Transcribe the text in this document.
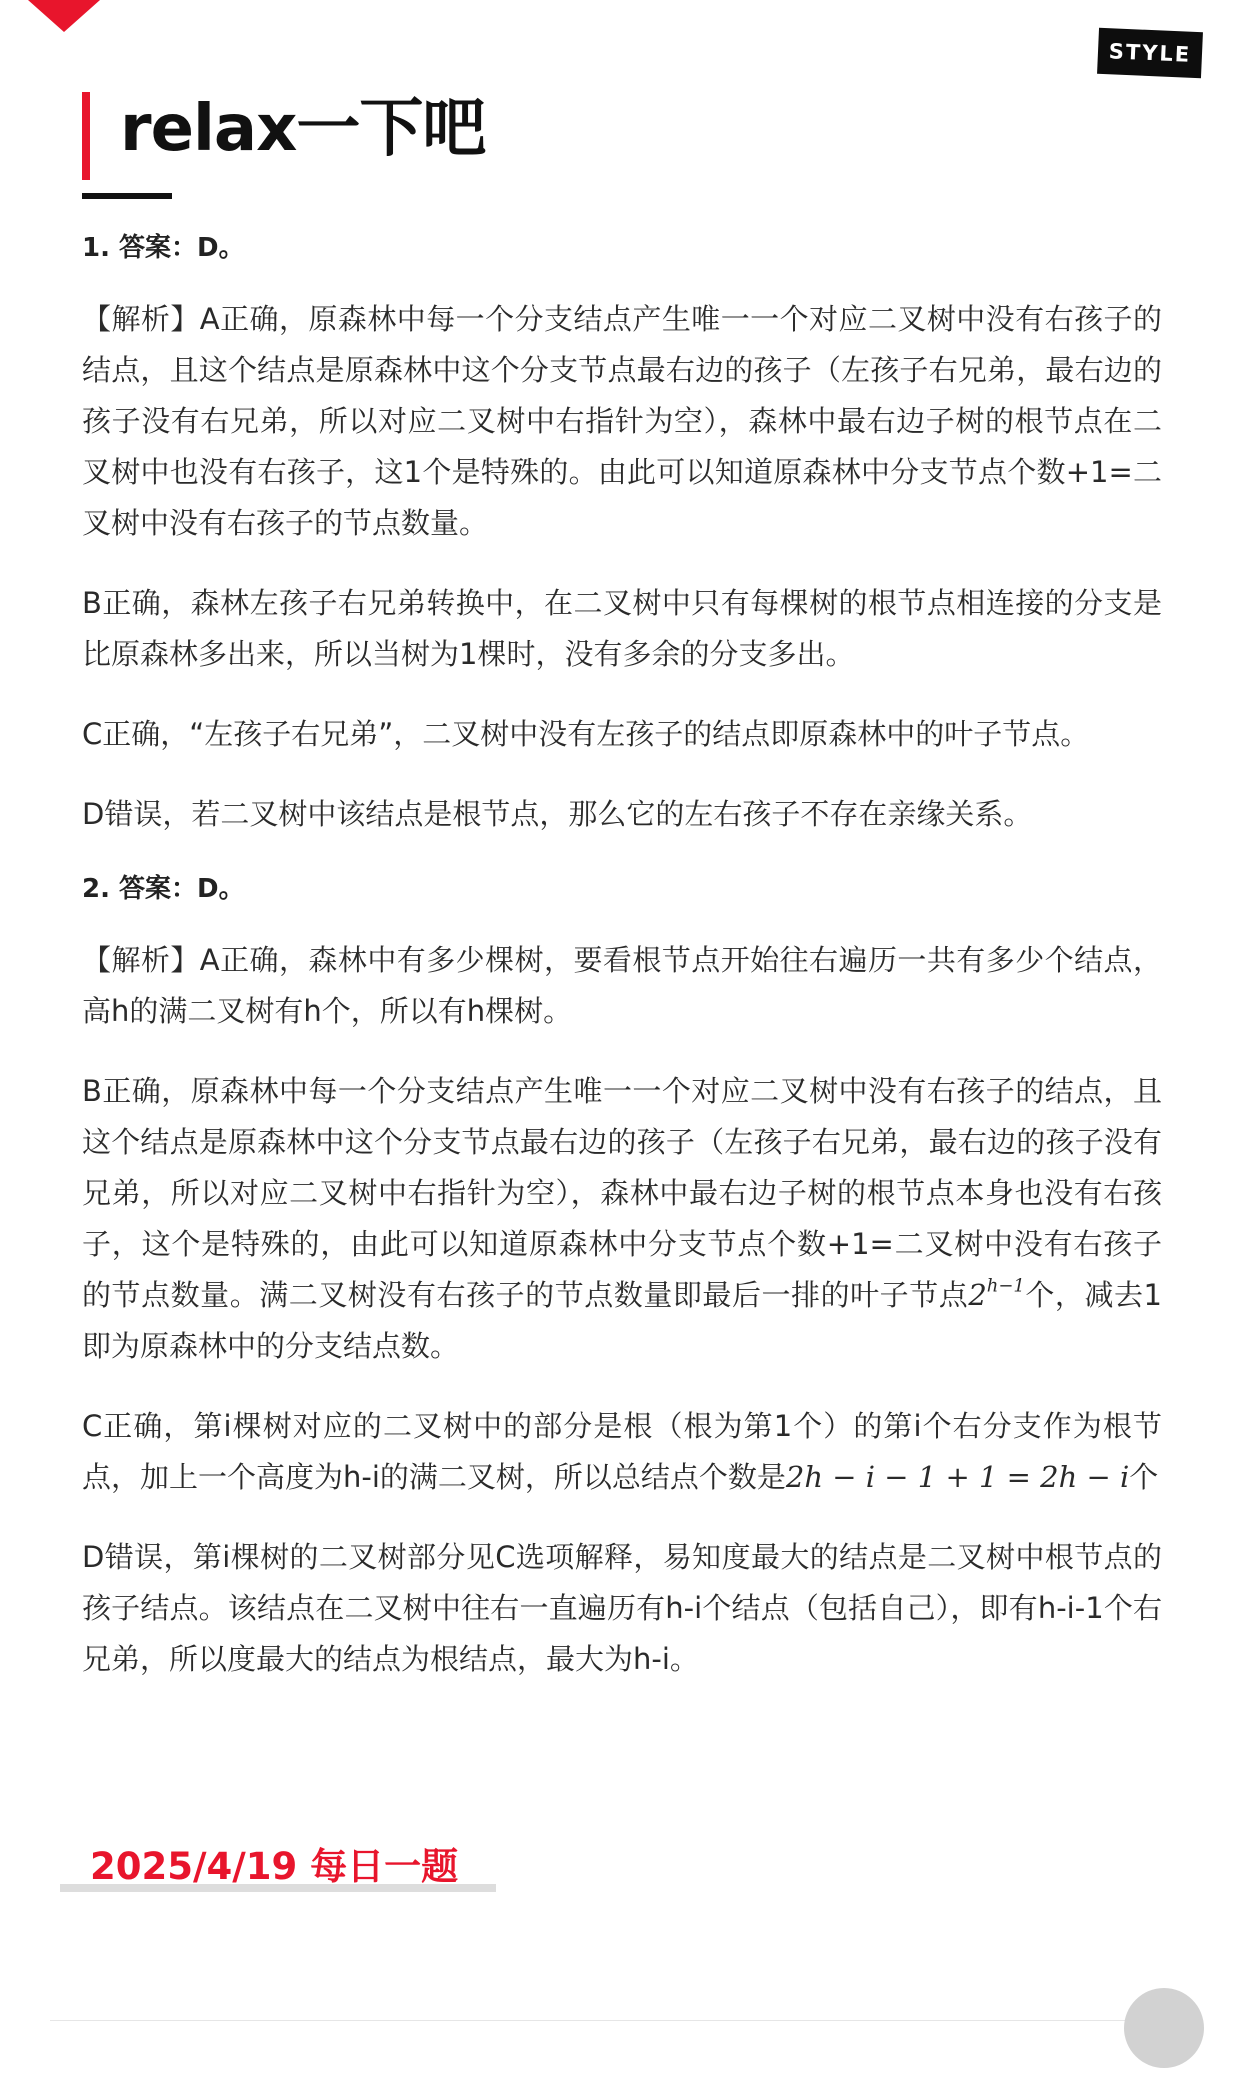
STYLE
relax一下吧

1. 答案：D。

【解析】A正确，原森林中每一个分支结点产生唯一一个对应二叉树中没有右孩子的结点，且这个结点是原森林中这个分支节点最右边的孩子（左孩子右兄弟，最右边的孩子没有右兄弟，所以对应二叉树中右指针为空），森林中最右边子树的根节点在二叉树中也没有右孩子，这1个是特殊的。由此可以知道原森林中分支节点个数+1=二叉树中没有右孩子的节点数量。

B正确，森林左孩子右兄弟转换中，在二叉树中只有每棵树的根节点相连接的分支是比原森林多出来，所以当树为1棵时，没有多余的分支多出。

C正确，“左孩子右兄弟”，二叉树中没有左孩子的结点即原森林中的叶子节点。

D错误，若二叉树中该结点是根节点，那么它的左右孩子不存在亲缘关系。

2. 答案：D。

【解析】A正确，森林中有多少棵树，要看根节点开始往右遍历一共有多少个结点，高h的满二叉树有h个，所以有h棵树。

B正确，原森林中每一个分支结点产生唯一一个对应二叉树中没有右孩子的结点，且这个结点是原森林中这个分支节点最右边的孩子（左孩子右兄弟，最右边的孩子没有兄弟，所以对应二叉树中右指针为空），森林中最右边子树的根节点本身也没有右孩子，这个是特殊的，由此可以知道原森林中分支节点个数+1=二叉树中没有右孩子的节点数量。满二叉树没有右孩子的节点数量即最后一排的叶子节点$2^{h-1}$个，减去1即为原森林中的分支结点数。

C正确，第i棵树对应的二叉树中的部分是根（根为第1个）的第i个右分支作为根节点，加上一个高度为h-i的满二叉树，所以总结点个数是2h − i − 1 + 1 = 2h − i个

D错误，第i棵树的二叉树部分见C选项解释，易知度最大的结点是二叉树中根节点的孩子结点。该结点在二叉树中往右一直遍历有h-i个结点（包括自己），即有h-i-1个右兄弟，所以度最大的结点为根结点，最大为h-i。

2025/4/19 每日一题
